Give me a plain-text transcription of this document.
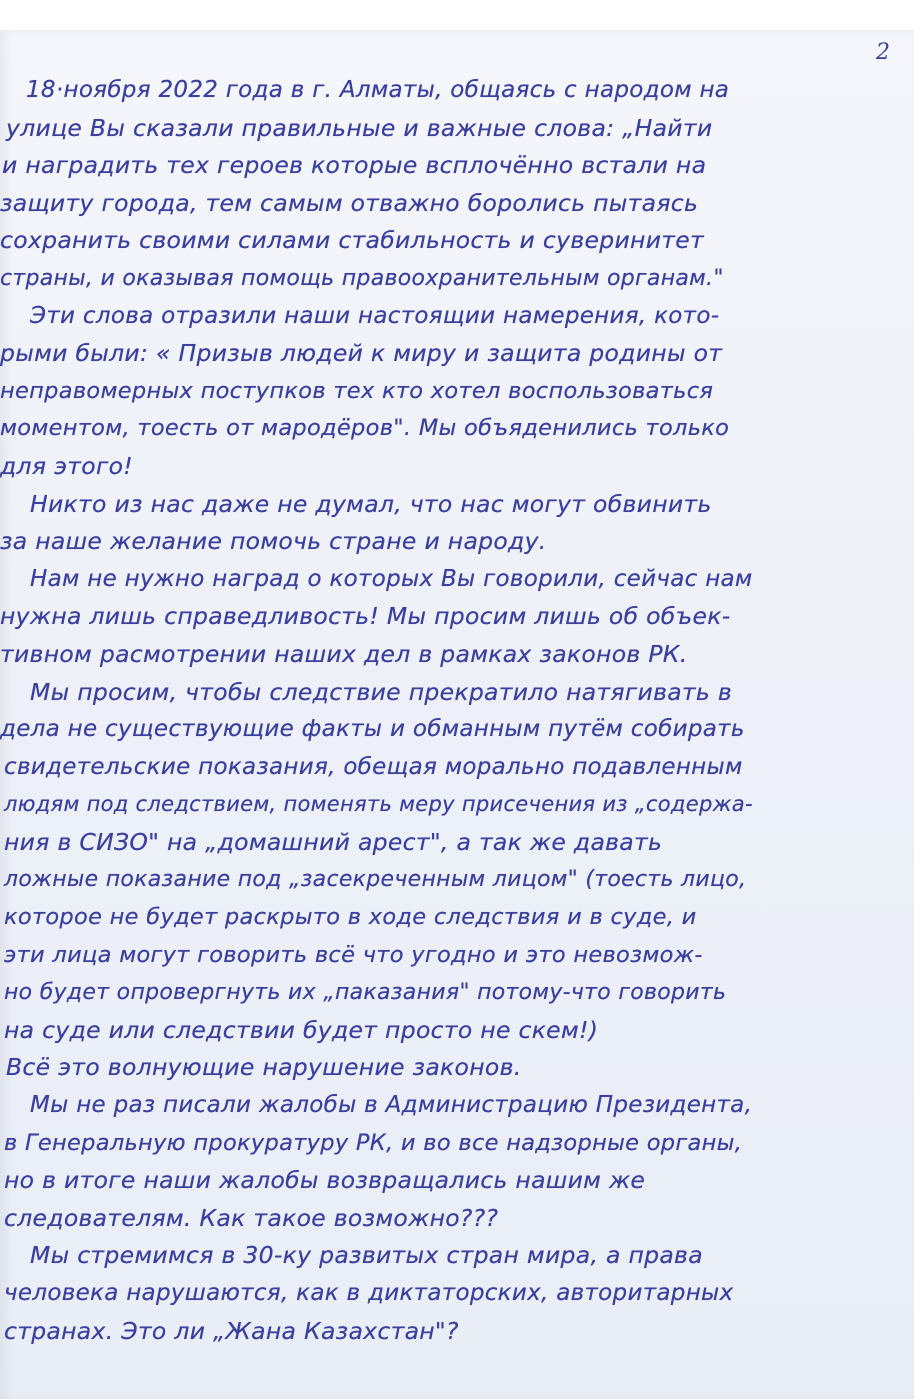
2
18·ноября 2022 года в г. Алматы, общаясь с народом на
улице Вы сказали правильные и важные слова: „Найти
и наградить тех героев которые всплочённо встали на
защиту города, тем самым отважно боролись пытаясь
сохранить своими силами стабильность и суверинитет
страны, и оказывая помощь правоохранительным органам."
Эти слова отразили наши настоящии намерения, кото-
рыми были: « Призыв людей к миру и защита родины от
неправомерных поступков тех кто хотел воспользоваться
моментом, тоесть от мародёров". Мы объяденились только
для этого!
Никто из нас даже не думал, что нас могут обвинить
за наше желание помочь стране и народу.
Нам не нужно наград о которых Вы говорили, сейчас нам
нужна лишь справедливость! Мы просим лишь об объек-
тивном расмотрении наших дел в рамках законов РК.
Мы просим, чтобы следствие прекратило натягивать в
дела не существующие факты и обманным путём собирать
свидетельские показания, обещая морально подавленным
людям под следствием, поменять меру присечения из „содержа-
ния в СИЗО" на „домашний арест", а так же давать
ложные показание под „засекреченным лицом" (тоесть лицо,
которое не будет раскрыто в ходе следствия и в суде, и
эти лица могут говорить всё что угодно и это невозмож-
но будет опровергнуть их „паказания" потому-что говорить
на суде или следствии будет просто не скем!)
Всё это волнующие нарушение законов.
Мы не раз писали жалобы в Администрацию Президента,
в Генеральную прокуратуру РК, и во все надзорные органы,
но в итоге наши жалобы возвращались нашим же
следователям. Как такое возможно???
Мы стремимся в 30-ку развитых стран мира, а права
человека нарушаются, как в диктаторских, авторитарных
странах. Это ли „Жана Казахстан"?
